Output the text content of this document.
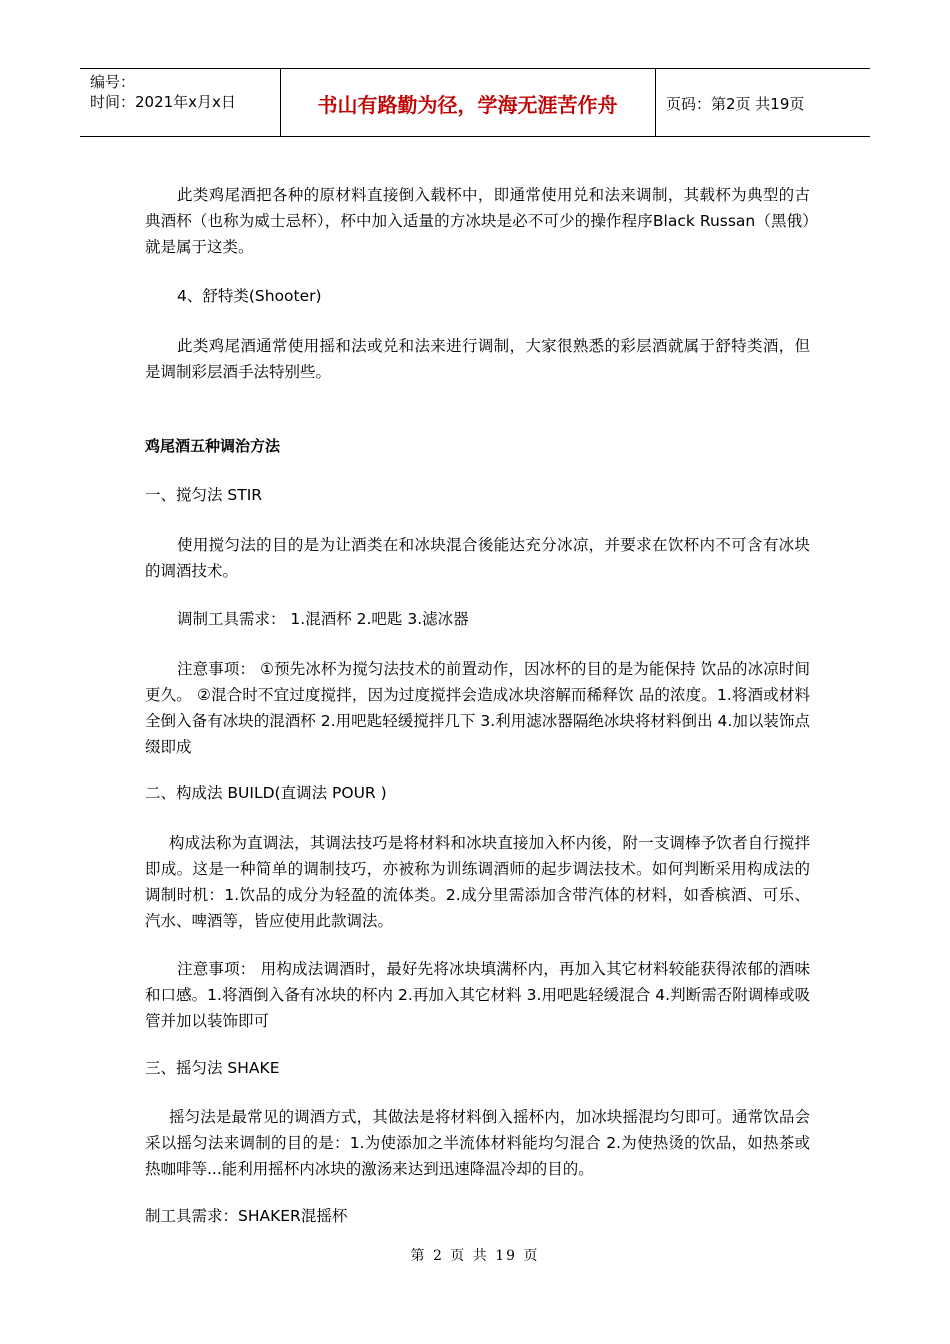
编号：
时间：2021年x月x日	书山有路勤为径，学海无涯苦作舟	页码：第2页 共19页
此类鸡尾酒把各种的原材料直接倒入载杯中，即通常使用兑和法来调制，其载杯为典型的古典酒杯（也称为威士忌杯），杯中加入适量的方冰块是必不可少的操作程序Black Russan（黑俄）就是属于这类。
4、舒特类(Shooter)
此类鸡尾酒通常使用摇和法或兑和法来进行调制，大家很熟悉的彩层酒就属于舒特类酒，但是调制彩层酒手法特别些。
鸡尾酒五种调治方法
一、搅匀法 STIR
使用搅匀法的目的是为让酒类在和冰块混合後能达充分冰凉，并要求在饮杯内不可含有冰块的调酒技术。
调制工具需求： 1.混酒杯 2.吧匙 3.滤冰器
注意事项： ①预先冰杯为搅匀法技术的前置动作，因冰杯的目的是为能保持 饮品的冰凉时间更久。 ②混合时不宜过度搅拌，因为过度搅拌会造成冰块溶解而稀释饮 品的浓度。1.将酒或材料全倒入备有冰块的混酒杯 2.用吧匙轻缓搅拌几下 3.利用滤冰器隔绝冰块将材料倒出 4.加以装饰点缀即成
二、构成法 BUILD(直调法 POUR )
构成法称为直调法，其调法技巧是将材料和冰块直接加入杯内後，附一支调棒予饮者自行搅拌即成。这是一种简单的调制技巧，亦被称为训练调酒师的起步调法技术。如何判断采用构成法的调制时机：1.饮品的成分为轻盈的流体类。2.成分里需添加含带汽体的材料，如香槟酒、可乐、汽水、啤酒等，皆应使用此款调法。
注意事项： 用构成法调酒时，最好先将冰块填满杯内，再加入其它材料较能获得浓郁的酒味和口感。1.将酒倒入备有冰块的杯内 2.再加入其它材料 3.用吧匙轻缓混合 4.判断需否附调棒或吸管并加以装饰即可
三、摇匀法 SHAKE
摇匀法是最常见的调酒方式，其做法是将材料倒入摇杯内，加冰块摇混均匀即可。通常饮品会采以摇匀法来调制的目的是：1.为使添加之半流体材料能均匀混合 2.为使热烫的饮品，如热茶或热咖啡等...能利用摇杯内冰块的激汤来达到迅速降温冷却的目的。
制工具需求：SHAKER混摇杯
第 2 页 共 19 页
